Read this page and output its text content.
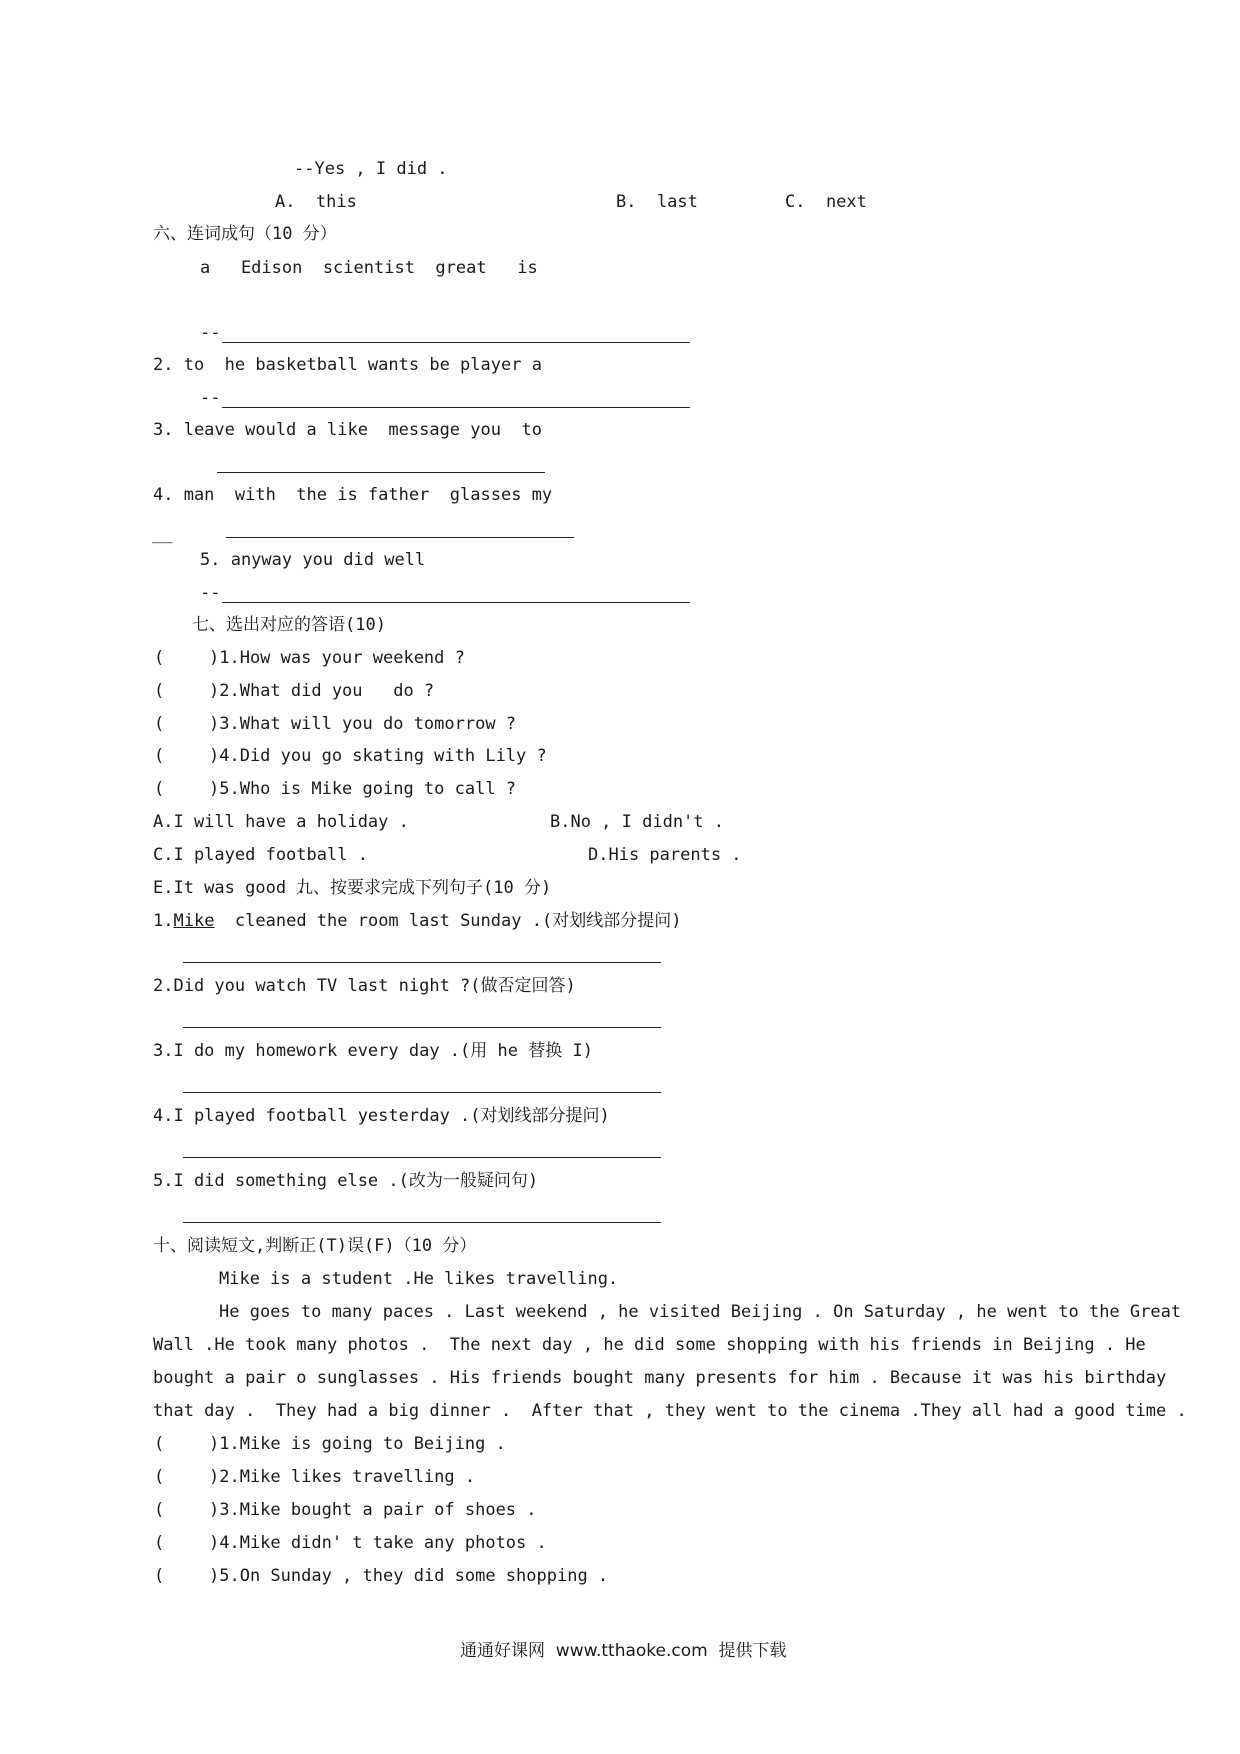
--Yes , I did .
A.  this	B.  last	C.  next
六、连词成句（10 分）
a   Edison  scientist  great   is
--
2. to  he basketball wants be player a
--
3. leave would a like  message you  to
4. man  with  the is father  glasses my
__
5. anyway you did well
--
七、选出对应的答语(10)
(	)1.How was your weekend ?
(	)2.What did you   do ?
(	)3.What will you do tomorrow ?
(	)4.Did you go skating with Lily ?
(	)5.Who is Mike going to call ?
A.I will have a holiday .	B.No , I didn't .
C.I played football .	D.His parents .
E.It was good .
九、按要求完成下列句子(10 分)
1.Mike  cleaned the room last Sunday .(对划线部分提问)
2.Did you watch TV last night ?(做否定回答)
3.I do my homework every day .(用 he 替换 I)
4.I played football yesterday .(对划线部分提问)
5.I did something else .(改为一般疑问句)
十、阅读短文,判断正(T)误(F)（10 分）
Mike is a student .He likes travelling.
He goes to many paces . Last weekend , he visited Beijing . On Saturday , he went to the Great
Wall .He took many photos .  The next day , he did some shopping with his friends in Beijing . He
bought a pair o sunglasses . His friends bought many presents for him . Because it was his birthday
that day .  They had a big dinner .  After that , they went to the cinema .They all had a good time .
(	)1.Mike is going to Beijing .
(	)2.Mike likes travelling .
(	)3.Mike bought a pair of shoes .
(	)4.Mike didn' t take any photos .
(	)5.On Sunday , they did some shopping .
通通好课网  www.tthaoke.com  提供下载
